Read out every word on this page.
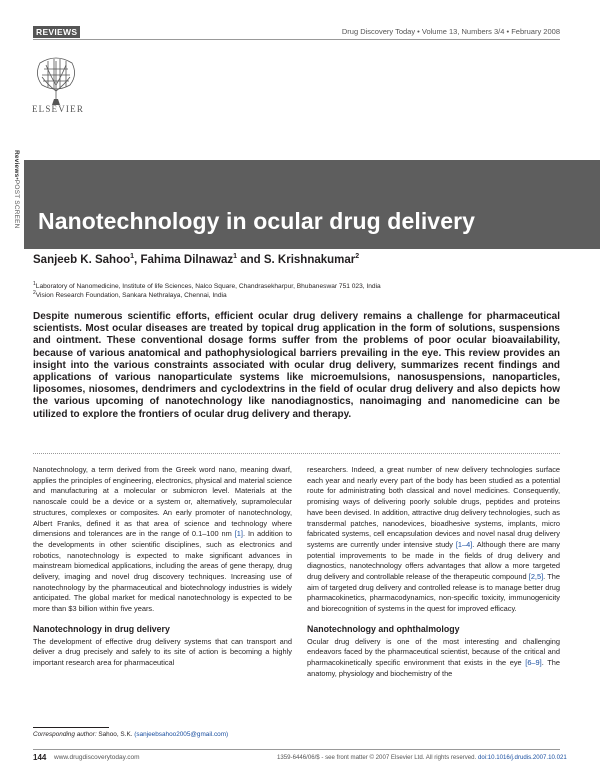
REVIEWS	Drug Discovery Today • Volume 13, Numbers 3/4 • February 2008
ELSEVIER
Reviews•POST SCREEN Nanotechnology in ocular drug delivery
Sanjeeb K. Sahoo$^1$, Fahima Dilnawaz$^1$ and S. Krishnakumar$^2$
$^1$Laboratory of Nanomedicine, Institute of life Sciences, Nalco Square, Chandrasekharpur, Bhubaneswar 751 023, India
$^2$Vision Research Foundation, Sankara Nethralaya, Chennai, India
Despite numerous scientific efforts, efficient ocular drug delivery remains a challenge for pharmaceutical scientists. Most ocular diseases are treated by topical drug application in the form of solutions, suspensions and ointment. These conventional dosage forms suffer from the problems of poor ocular bioavailability, because of various anatomical and pathophysiological barriers prevailing in the eye. This review provides an insight into the various constraints associated with ocular drug delivery, summarizes recent findings and applications of various nanoparticulate systems like microemulsions, nanosuspensions, nanoparticles, liposomes, niosomes, dendrimers and cyclodextrins in the field of ocular drug delivery and also depicts how the various upcoming of nanotechnology like nanodiagnostics, nanoimaging and nanomedicine can be utilized to explore the frontiers of ocular drug delivery and therapy.

Nanotechnology, a term derived from the Greek word nano, meaning dwarf, applies the principles of engineering, electronics, physical and material science and manufacturing at a molecular or submicron level. Materials at the nanoscale could be a device or a system or, alternatively, supramolecular structures, complexes or composites. An early promoter of nanotechnology, Albert Franks, defined it as that area of science and technology where dimensions and tolerances are in the range of 0.1–100 nm [1]. In addition to the developments in other scientific disciplines, such as electronics and robotics, nanotechnology is expected to make significant advances in mainstream biomedical applications, including the areas of gene therapy, drug delivery, imaging and novel drug discovery techniques. Increasing use of nanotechnology by the pharmaceutical and biotechnology industries is widely anticipated. The global market for medical nanotechnology is expected to be more than $3 billion within five years.

Nanotechnology in drug delivery

The development of effective drug delivery systems that can transport and deliver a drug precisely and safely to its site of action is becoming a highly important research area for pharmaceutical

researchers. Indeed, a great number of new delivery technologies surface each year and nearly every part of the body has been studied as a potential route for administrating both classical and novel medicines. Consequently, promising ways of delivering poorly soluble drugs, peptides and proteins have been devised. In addition, attractive drug delivery technologies, such as transdermal patches, nanodevices, bioadhesive systems, implants, micro fabricated systems, cell encapsulation devices and novel nasal drug delivery systems are currently under intensive study [1–4]. Although there are many potential improvements to be made in the fields of drug delivery and diagnostics, nanotechnology offers advantages that allow a more targeted drug delivery and controllable release of the therapeutic compound [2,5]. The aim of targeted drug delivery and controlled release is to manage better drug pharmacokinetics, pharmacodynamics, non-specific toxicity, immunogenicity and biorecognition of systems in the quest for improved efficacy.

Nanotechnology and ophthalmology

Ocular drug delivery is one of the most interesting and challenging endeavors faced by the pharmaceutical scientist, because of the critical and pharmacokinetically specific environment that exists in the eye [6–9]. The anatomy, physiology and biochemistry of the

Corresponding author: Sahoo, S.K. (sanjeebsahoo2005@gmail.com)
144 www.drugdiscoverytoday.com	1359-6446/06/$ - see front matter © 2007 Elsevier Ltd. All rights reserved. doi:10.1016/j.drudis.2007.10.021
